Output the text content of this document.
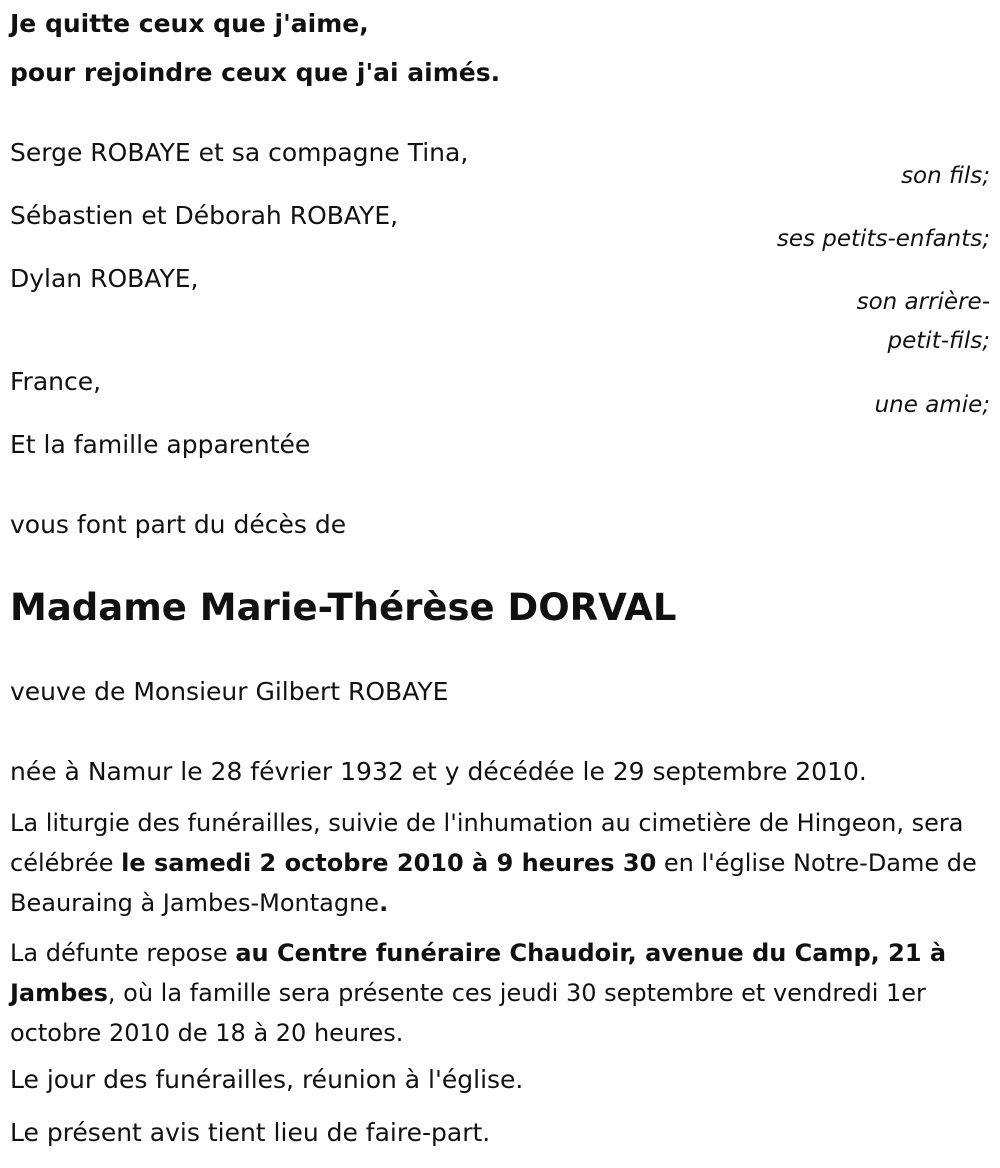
Je quitte ceux que j'aime,

pour rejoindre ceux que j'ai aimés.

Serge ROBAYE et sa compagne Tina,

son fils;

Sébastien et Déborah ROBAYE,

ses petits-enfants;

Dylan ROBAYE,

son arrière-

petit-fils;

France,

une amie;

Et la famille apparentée

vous font part du décès de

Madame Marie-Thérèse DORVAL

veuve de Monsieur Gilbert ROBAYE

née à Namur le 28 février 1932 et y décédée le 29 septembre 2010.

La liturgie des funérailles, suivie de l'inhumation au cimetière de Hingeon, sera célébrée le samedi 2 octobre 2010 à 9 heures 30 en l'église Notre-Dame de Beauraing à Jambes-Montagne.

La défunte repose au Centre funéraire Chaudoir, avenue du Camp, 21 à Jambes, où la famille sera présente ces jeudi 30 septembre et vendredi 1er octobre 2010 de 18 à 20 heures.

Le jour des funérailles, réunion à l'église.

Le présent avis tient lieu de faire-part.
